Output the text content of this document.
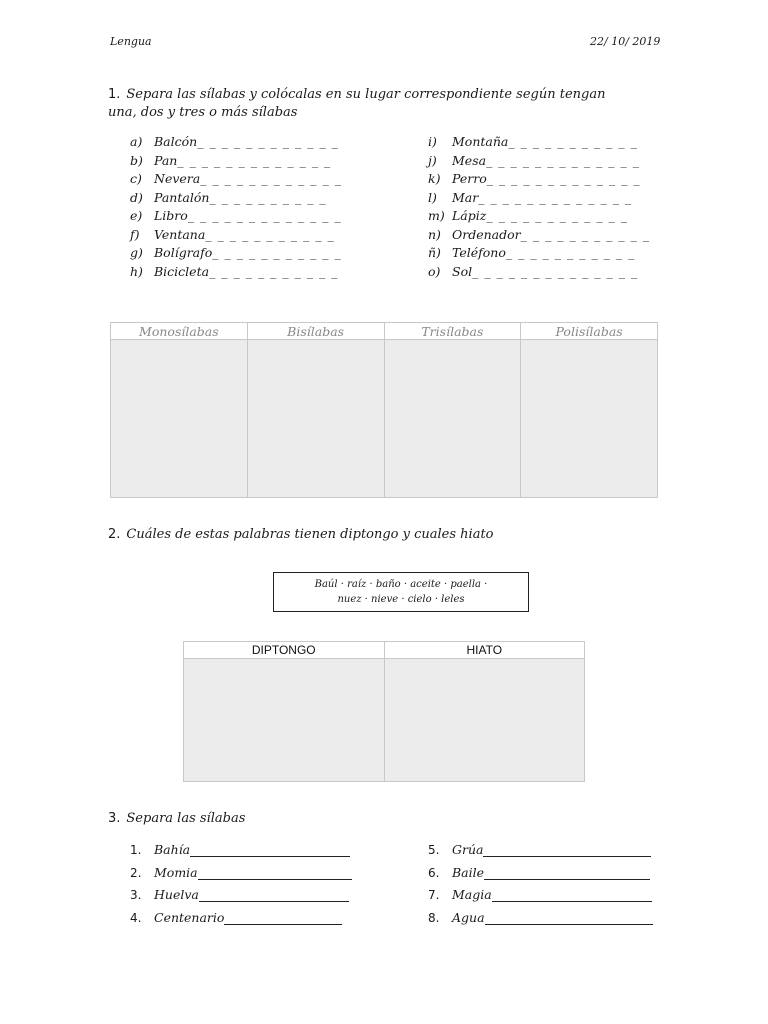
Lengua	22/ 10/ 2019
1. Separa las sílabas y colócalas en su lugar correspondiente según tengan
una, dos y tres o más sílabas
a) Balcón_ _ _ _ _ _ _ _ _ _ _ _
b) Pan_ _ _ _ _ _ _ _ _ _ _ _ _
c) Nevera_ _ _ _ _ _ _ _ _ _ _ _
d) Pantalón_ _ _ _ _ _ _ _ _ _
e) Libro_ _ _ _ _ _ _ _ _ _ _ _ _
f) Ventana_ _ _ _ _ _ _ _ _ _ _
g) Bolígrafo_ _ _ _ _ _ _ _ _ _ _
h) Bicicleta_ _ _ _ _ _ _ _ _ _ _
i) Montaña_ _ _ _ _ _ _ _ _ _ _
j) Mesa_ _ _ _ _ _ _ _ _ _ _ _ _
k) Perro_ _ _ _ _ _ _ _ _ _ _ _ _
l) Mar_ _ _ _ _ _ _ _ _ _ _ _ _
m) Lápiz_ _ _ _ _ _ _ _ _ _ _ _
n) Ordenador_ _ _ _ _ _ _ _ _ _ _
ñ) Teléfono_ _ _ _ _ _ _ _ _ _ _
o) Sol_ _ _ _ _ _ _ _ _ _ _ _ _ _
Monosílabas	Bisílabas	Trisílabas	Polisílabas

2. Cuáles de estas palabras tienen diptongo y cuales hiato
Baúl · raíz · baño · aceite · paella ·
nuez · nieve · cielo · leles
DIPTONGO	HIATO

3. Separa las sílabas
1. Bahía
2. Momia
3. Huelva
4. Centenario
5. Grúa
6. Baile
7. Magia
8. Agua
